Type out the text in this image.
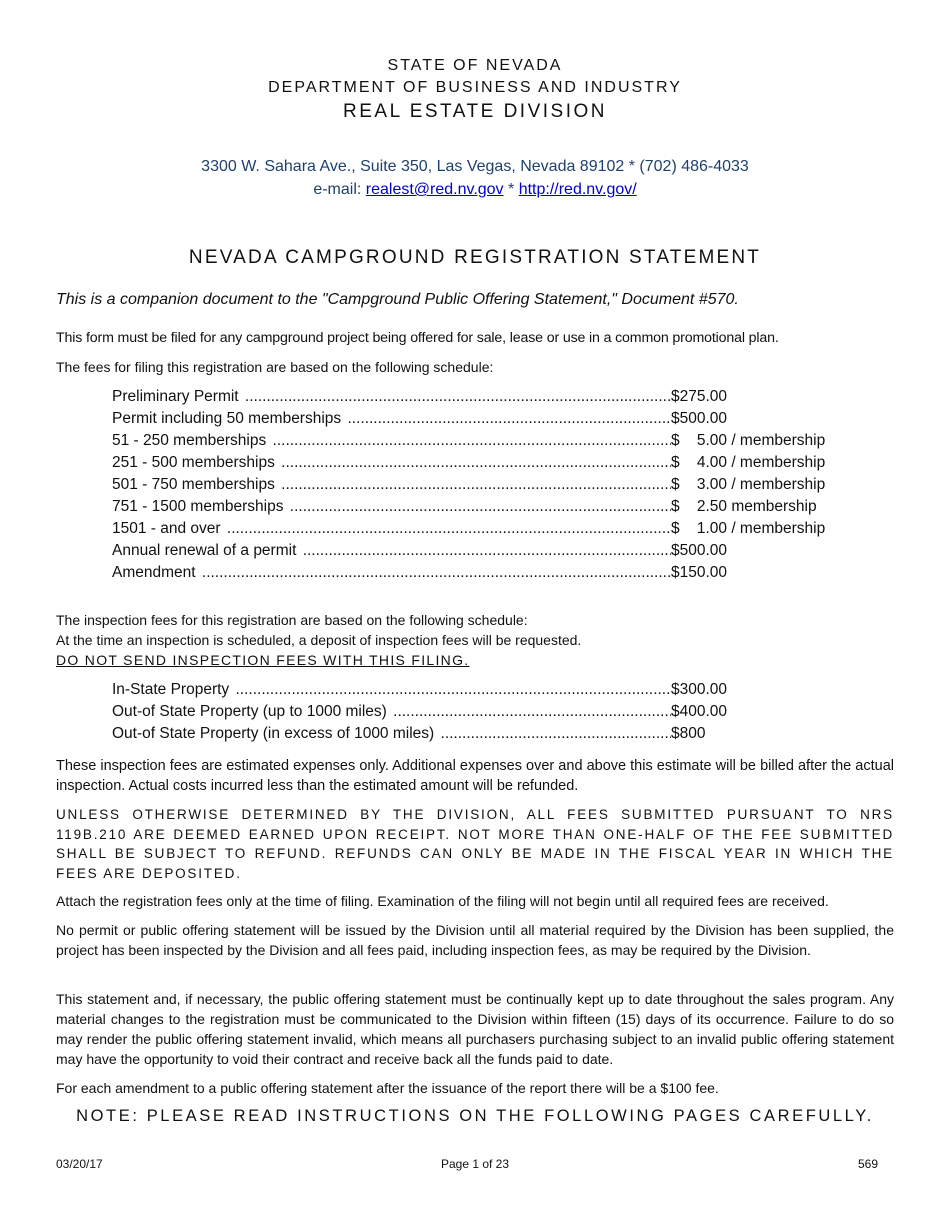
STATE OF NEVADA
DEPARTMENT OF BUSINESS AND INDUSTRY
REAL ESTATE DIVISION
3300 W. Sahara Ave., Suite 350, Las Vegas, Nevada 89102 * (702) 486-4033
e-mail: realest@red.nv.gov * http://red.nv.gov/
NEVADA CAMPGROUND REGISTRATION STATEMENT
This is a companion document to the "Campground Public Offering Statement," Document #570.
This form must be filed for any campground project being offered for sale, lease or use in a common promotional plan.
The fees for filing this registration are based on the following schedule:
Preliminary Permit .....	$275.00
Permit including 50 memberships .....	$500.00
51 - 250 memberships .....	$    5.00 / membership
251 - 500 memberships .....	$    4.00 / membership
501 - 750 memberships .....	$    3.00 / membership
751 - 1500 memberships .....	$    2.50 membership
1501 - and over .....	$    1.00 / membership
Annual renewal of a permit .....	$500.00
Amendment .....	$150.00
The inspection fees for this registration are based on the following schedule:
At the time an inspection is scheduled, a deposit of inspection fees will be requested.
DO NOT SEND INSPECTION FEES WITH THIS FILING.
In-State Property .....	$300.00
Out-of State Property (up to 1000 miles) .....	$400.00
Out-of State Property (in excess of 1000 miles) .....	$800
These inspection fees are estimated expenses only. Additional expenses over and above this estimate will be billed after the actual inspection. Actual costs incurred less than the estimated amount will be refunded.
UNLESS OTHERWISE DETERMINED BY THE DIVISION, ALL FEES SUBMITTED PURSUANT TO NRS 119B.210 ARE DEEMED EARNED UPON RECEIPT. NOT MORE THAN ONE-HALF OF THE FEE SUBMITTED SHALL BE SUBJECT TO REFUND. REFUNDS CAN ONLY BE MADE IN THE FISCAL YEAR IN WHICH THE FEES ARE DEPOSITED.
Attach the registration fees only at the time of filing. Examination of the filing will not begin until all required fees are received.
No permit or public offering statement will be issued by the Division until all material required by the Division has been supplied, the project has been inspected by the Division and all fees paid, including inspection fees, as may be required by the Division.
This statement and, if necessary, the public offering statement must be continually kept up to date throughout the sales program. Any material changes to the registration must be communicated to the Division within fifteen (15) days of its occurrence. Failure to do so may render the public offering statement invalid, which means all purchasers purchasing subject to an invalid public offering statement may have the opportunity to void their contract and receive back all the funds paid to date.
For each amendment to a public offering statement after the issuance of the report there will be a $100 fee.
NOTE: PLEASE READ INSTRUCTIONS ON THE FOLLOWING PAGES CAREFULLY.
03/20/17	Page 1 of 23	569
